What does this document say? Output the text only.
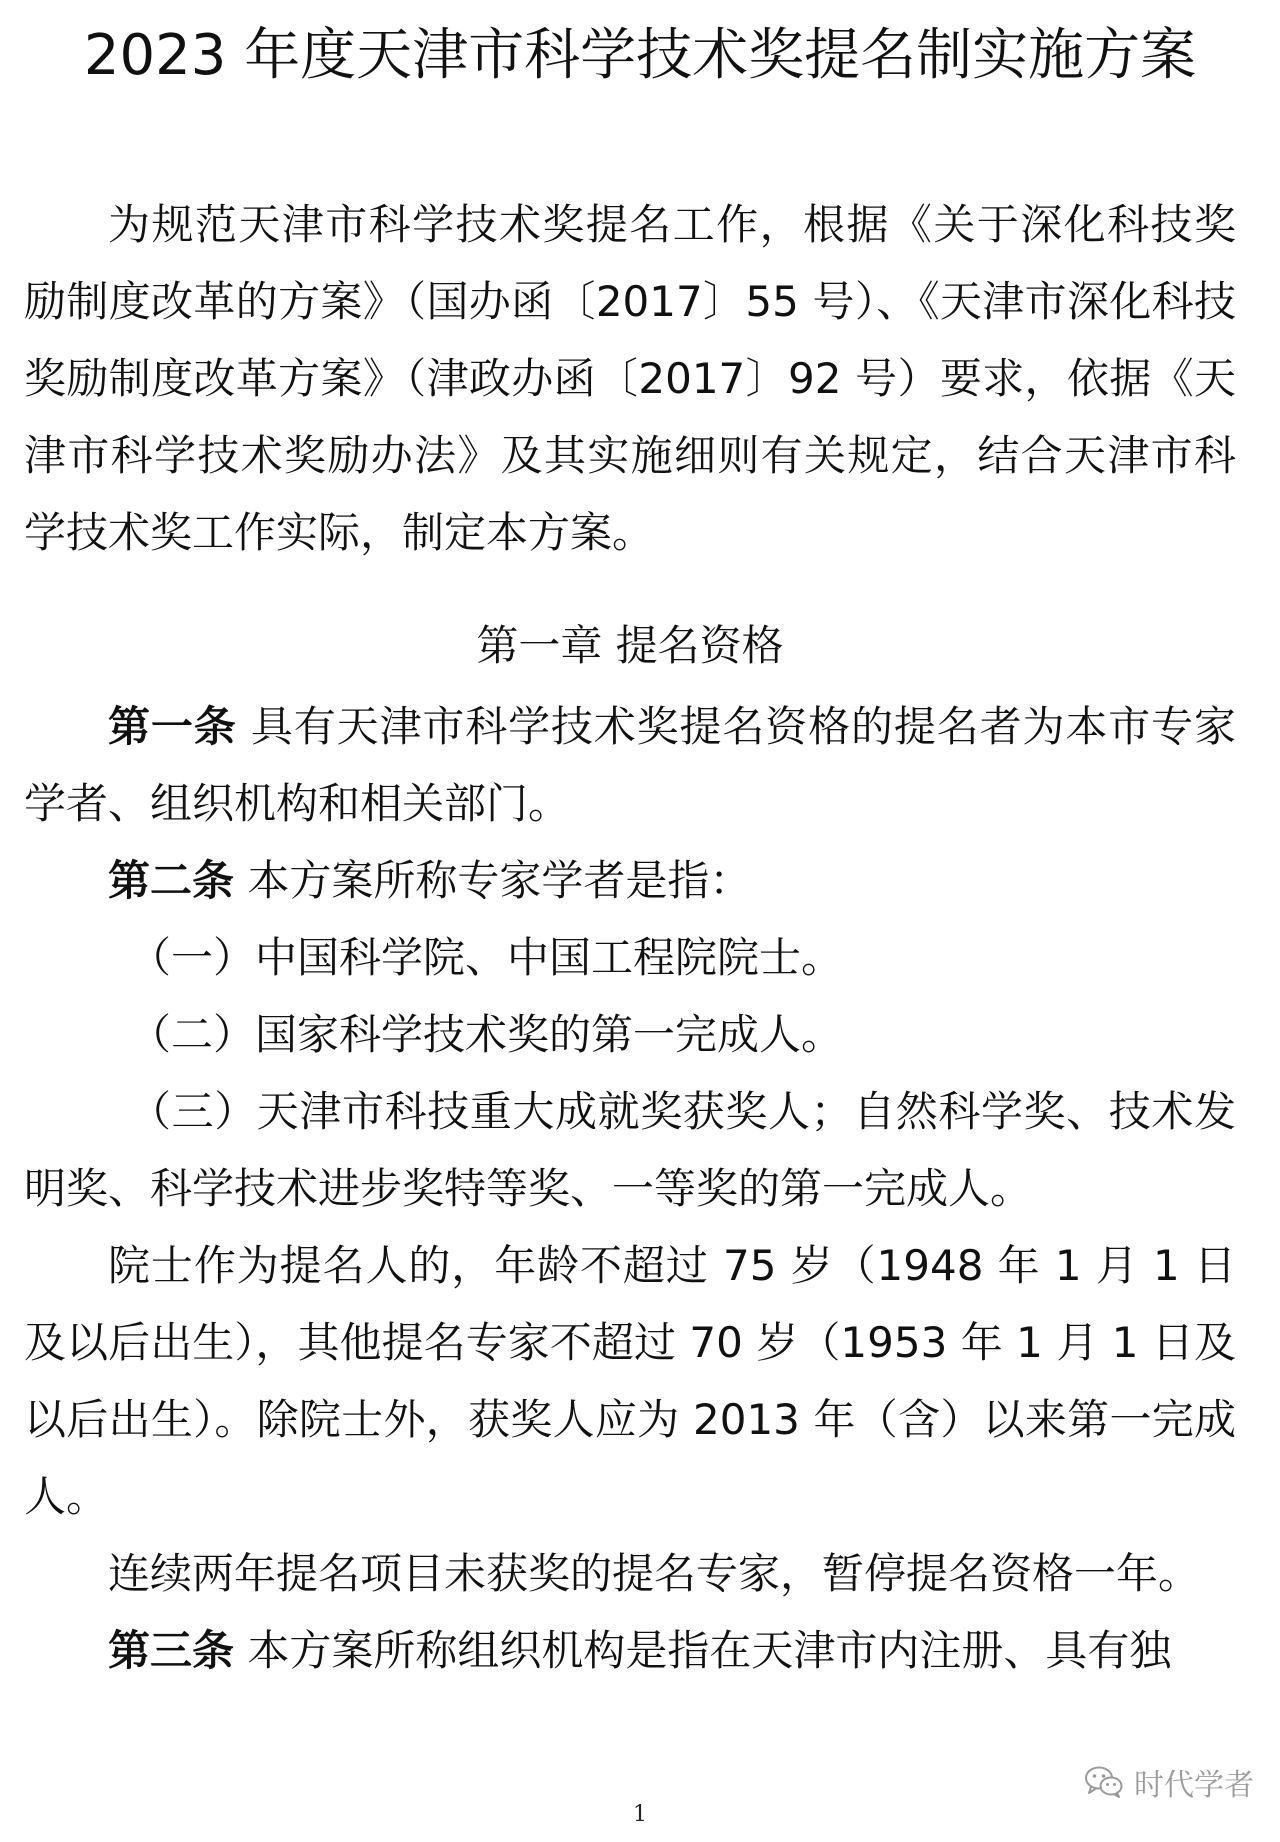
2023 年度天津市科学技术奖提名制实施方案

为规范天津市科学技术奖提名工作，根据《关于深化科技奖励制度改革的方案》（国办函〔2017〕55 号）、《天津市深化科技奖励制度改革方案》（津政办函〔2017〕92 号）要求，依据《天津市科学技术奖励办法》及其实施细则有关规定，结合天津市科学技术奖工作实际，制定本方案。

第一章 提名资格

第一条 具有天津市科学技术奖提名资格的提名者为本市专家学者、组织机构和相关部门。

第二条 本方案所称专家学者是指：

（一）中国科学院、中国工程院院士。

（二）国家科学技术奖的第一完成人。

（三）天津市科技重大成就奖获奖人；自然科学奖、技术发明奖、科学技术进步奖特等奖、一等奖的第一完成人。

院士作为提名人的，年龄不超过 75 岁（1948 年 1 月 1 日及以后出生），其他提名专家不超过 70 岁（1953 年 1 月 1 日及以后出生）。除院士外，获奖人应为 2013 年（含）以来第一完成人。

连续两年提名项目未获奖的提名专家，暂停提名资格一年。

第三条 本方案所称组织机构是指在天津市内注册、具有独

时代学者
1
